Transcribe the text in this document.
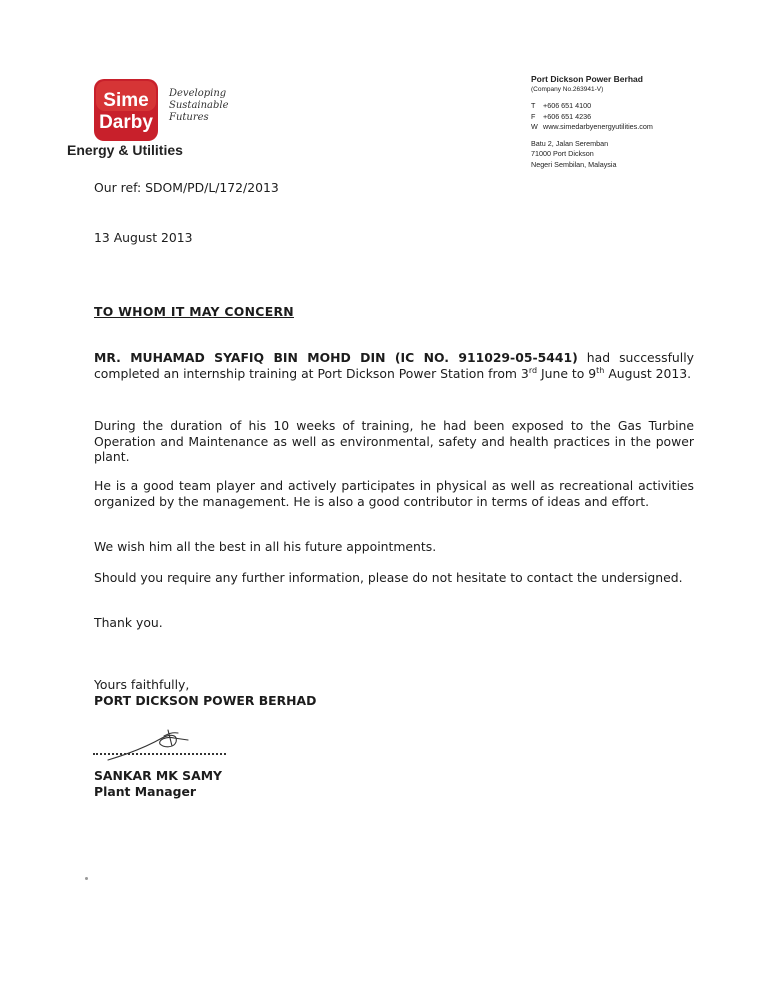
Sime
Darby
Developing
Sustainable
Futures
Energy & Utilities
Port Dickson Power Berhad
(Company No.263941-V)
T +606 651 4100
F +606 651 4236
W www.simedarbyenergyutilities.com
Batu 2, Jalan Seremban
71000 Port Dickson
Negeri Sembilan, Malaysia
Our ref: SDOM/PD/L/172/2013
13 August 2013
TO WHOM IT MAY CONCERN
MR. MUHAMAD SYAFIQ BIN MOHD DIN (IC NO. 911029-05-5441) had successfully completed an internship training at Port Dickson Power Station from 3rd June to 9th August 2013.
During the duration of his 10 weeks of training, he had been exposed to the Gas Turbine Operation and Maintenance as well as environmental, safety and health practices in the power plant.
He is a good team player and actively participates in physical as well as recreational activities organized by the management. He is also a good contributor in terms of ideas and effort.
We wish him all the best in all his future appointments.
Should you require any further information, please do not hesitate to contact the undersigned.
Thank you.
Yours faithfully,
PORT DICKSON POWER BERHAD
SANKAR MK SAMY
Plant Manager
